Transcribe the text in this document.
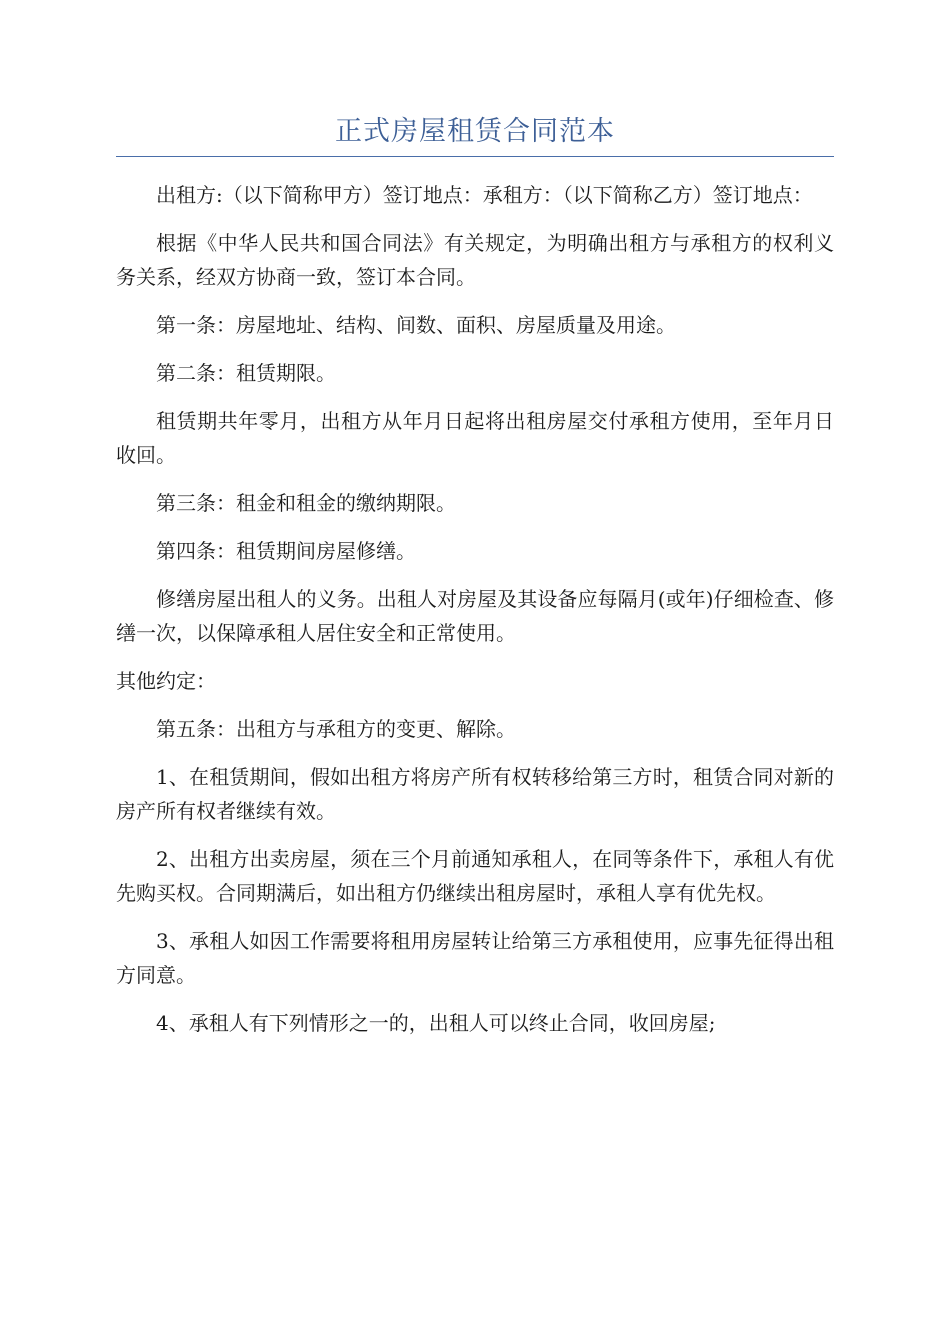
正式房屋租赁合同范本

出租方:（以下简称甲方）签订地点：承租方：（以下简称乙方）签订地点：

根据《中华人民共和国合同法》有关规定，为明确出租方与承租方的权利义务关系，经双方协商一致，签订本合同。

第一条：房屋地址、结构、间数、面积、房屋质量及用途。

第二条：租赁期限。

租赁期共年零月，出租方从年月日起将出租房屋交付承租方使用，至年月日收回。

第三条：租金和租金的缴纳期限。

第四条：租赁期间房屋修缮。

修缮房屋出租人的义务。出租人对房屋及其设备应每隔月(或年)仔细检查、修缮一次，以保障承租人居住安全和正常使用。

其他约定：

第五条：出租方与承租方的变更、解除。

1、在租赁期间，假如出租方将房产所有权转移给第三方时，租赁合同对新的房产所有权者继续有效。

2、出租方出卖房屋，须在三个月前通知承租人，在同等条件下，承租人有优先购买权。合同期满后，如出租方仍继续出租房屋时，承租人享有优先权。

3、承租人如因工作需要将租用房屋转让给第三方承租使用，应事先征得出租方同意。

4、承租人有下列情形之一的，出租人可以终止合同，收回房屋;
